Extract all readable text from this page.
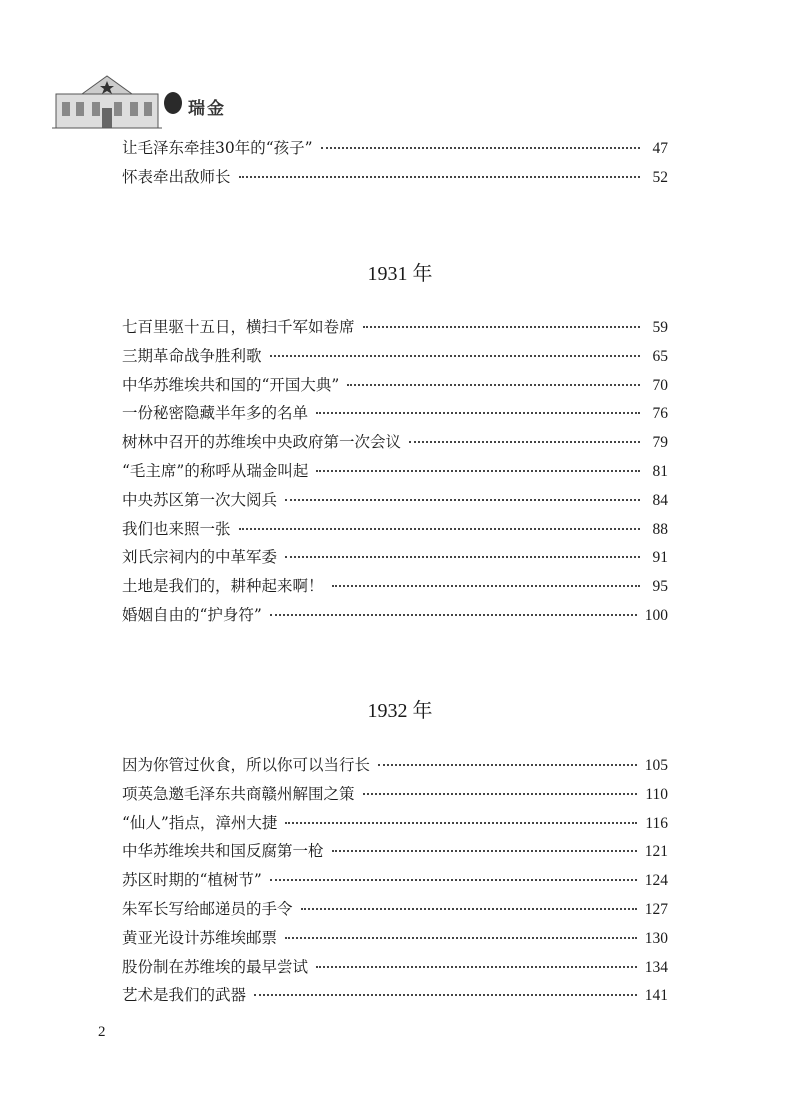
瑞金
让毛泽东牵挂30年的“孩子”	47
怀表牵出敌师长	52
1931 年
七百里驱十五日，横扫千军如卷席	59
三期革命战争胜利歌	65
中华苏维埃共和国的“开国大典”	70
一份秘密隐藏半年多的名单	76
树林中召开的苏维埃中央政府第一次会议	79
“毛主席”的称呼从瑞金叫起	81
中央苏区第一次大阅兵	84
我们也来照一张	88
刘氏宗祠内的中革军委	91
土地是我们的，耕种起来啊！	95
婚姻自由的“护身符”	100
1932 年
因为你管过伙食，所以你可以当行长	105
项英急邀毛泽东共商赣州解围之策	110
“仙人”指点，漳州大捷	116
中华苏维埃共和国反腐第一枪	121
苏区时期的“植树节”	124
朱军长写给邮递员的手令	127
黄亚光设计苏维埃邮票	130
股份制在苏维埃的最早尝试	134
艺术是我们的武器	141
2
